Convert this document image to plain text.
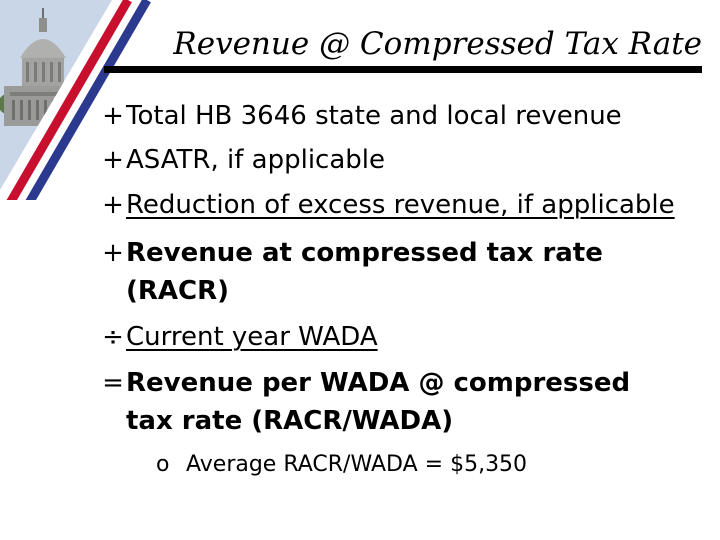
Revenue @ Compressed Tax Rate
+ Total HB 3646 state and local revenue
+ ASATR, if applicable
+ Reduction of excess revenue, if applicable
+ Revenue at compressed tax rate
(RACR)
÷ Current year WADA
= Revenue per WADA @ compressed
tax rate (RACR/WADA)
o Average RACR/WADA = $5,350
